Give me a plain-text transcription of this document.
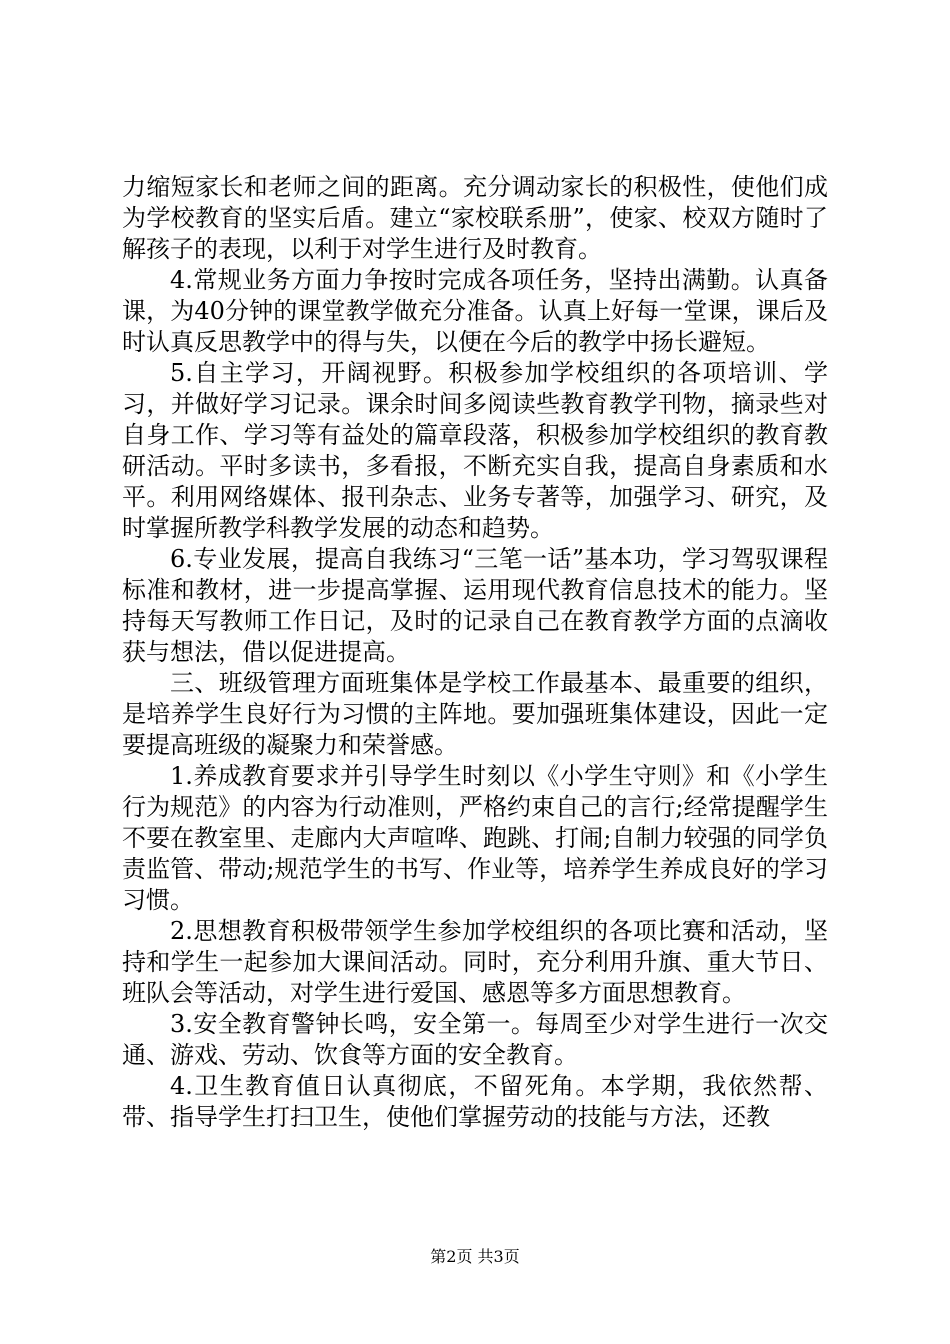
力缩短家长和老师之间的距离。充分调动家长的积极性，使他们成为学校教育的坚实后盾。建立“家校联系册”，使家、校双方随时了解孩子的表现，以利于对学生进行及时教育。

4.常规业务方面力争按时完成各项任务，坚持出满勤。认真备课，为40分钟的课堂教学做充分准备。认真上好每一堂课，课后及时认真反思教学中的得与失，以便在今后的教学中扬长避短。

5.自主学习，开阔视野。积极参加学校组织的各项培训、学习，并做好学习记录。课余时间多阅读些教育教学刊物，摘录些对自身工作、学习等有益处的篇章段落，积极参加学校组织的教育教研活动。平时多读书，多看报，不断充实自我，提高自身素质和水平。利用网络媒体、报刊杂志、业务专著等，加强学习、研究，及时掌握所教学科教学发展的动态和趋势。

6.专业发展，提高自我练习“三笔一话”基本功，学习驾驭课程标准和教材，进一步提高掌握、运用现代教育信息技术的能力。坚持每天写教师工作日记，及时的记录自己在教育教学方面的点滴收获与想法，借以促进提高。

三、班级管理方面班集体是学校工作最基本、最重要的组织，是培养学生良好行为习惯的主阵地。要加强班集体建设，因此一定要提高班级的凝聚力和荣誉感。

1.养成教育要求并引导学生时刻以《小学生守则》和《小学生行为规范》的内容为行动准则，严格约束自己的言行;经常提醒学生不要在教室里、走廊内大声喧哗、跑跳、打闹;自制力较强的同学负责监管、带动;规范学生的书写、作业等，培养学生养成良好的学习习惯。

2.思想教育积极带领学生参加学校组织的各项比赛和活动，坚持和学生一起参加大课间活动。同时，充分利用升旗、重大节日、班队会等活动，对学生进行爱国、感恩等多方面思想教育。

3.安全教育警钟长鸣，安全第一。每周至少对学生进行一次交通、游戏、劳动、饮食等方面的安全教育。

4.卫生教育值日认真彻底，不留死角。本学期，我依然帮、带、指导学生打扫卫生，使他们掌握劳动的技能与方法，还教

第2页 共3页
